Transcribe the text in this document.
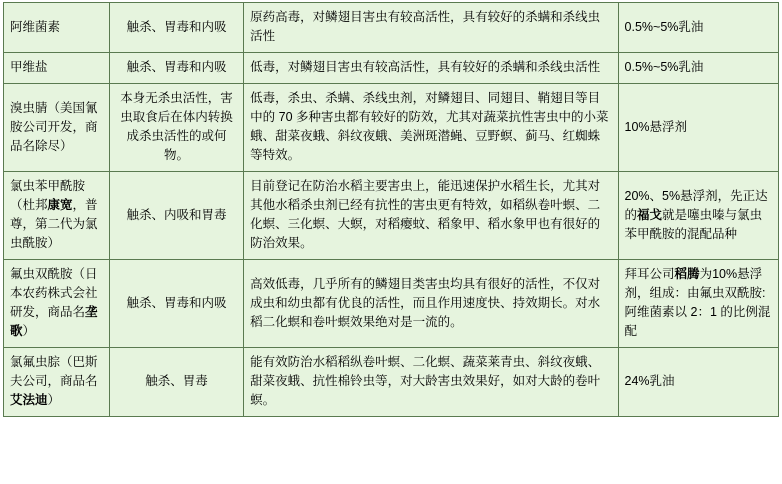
阿维菌素	触杀、胃毒和内吸	原药高毒，对鳞翅目害虫有较高活性，具有较好的杀螨和杀线虫活性	0.5%~5%乳油

甲维盐	触杀、胃毒和内吸	低毒，对鳞翅目害虫有较高活性，具有较好的杀螨和杀线虫活性	0.5%~5%乳油

溴虫腈（美国氰胺公司开发，商品名除尽）	本身无杀虫活性，害虫取食后在体内转换成杀虫活性的或何物。	低毒，杀虫、杀螨、杀线虫剂，对鳞翅目、同翅目、鞘翅目等目中的 70 多种害虫都有较好的防效，尤其对蔬菜抗性害虫中的小菜蛾、甜菜夜蛾、斜纹夜蛾、美洲斑潜蝇、豆野螟、蓟马、红蜘蛛等特效。	10%悬浮剂

氯虫苯甲酰胺（杜邦康宽，普尊，第二代为氯虫酰胺）	触杀、内吸和胃毒	目前登记在防治水稻主要害虫上，能迅速保护水稻生长，尤其对其他水稻杀虫剂已经有抗性的害虫更有特效，如稻纵卷叶螟、二化螟、三化螟、大螟，对稻瘿蚊、稻象甲、稻水象甲也有很好的防治效果。	20%、5%悬浮剂，先正达的福戈就是噻虫嗪与氯虫苯甲酰胺的混配品种

氟虫双酰胺（日本农药株式会社研发，商品名垄歌）	触杀、胃毒和内吸	高效低毒，几乎所有的鳞翅目类害虫均具有很好的活性，不仅对成虫和幼虫都有优良的活性，而且作用速度快、持效期长。对水稻二化螟和卷叶螟效果绝对是一流的。	拜耳公司稻腾为10%悬浮剂，组成：由氟虫双酰胺:阿维菌素以 2：1 的比例混配

氯氟虫腙（巴斯夫公司，商品名艾法迪）	触杀、胃毒	能有效防治水稻稻纵卷叶螟、二化螟、蔬菜莱青虫、斜纹夜蛾、甜菜夜蛾、抗性棉铃虫等，对大龄害虫效果好，如对大龄的卷叶螟。	24%乳油
